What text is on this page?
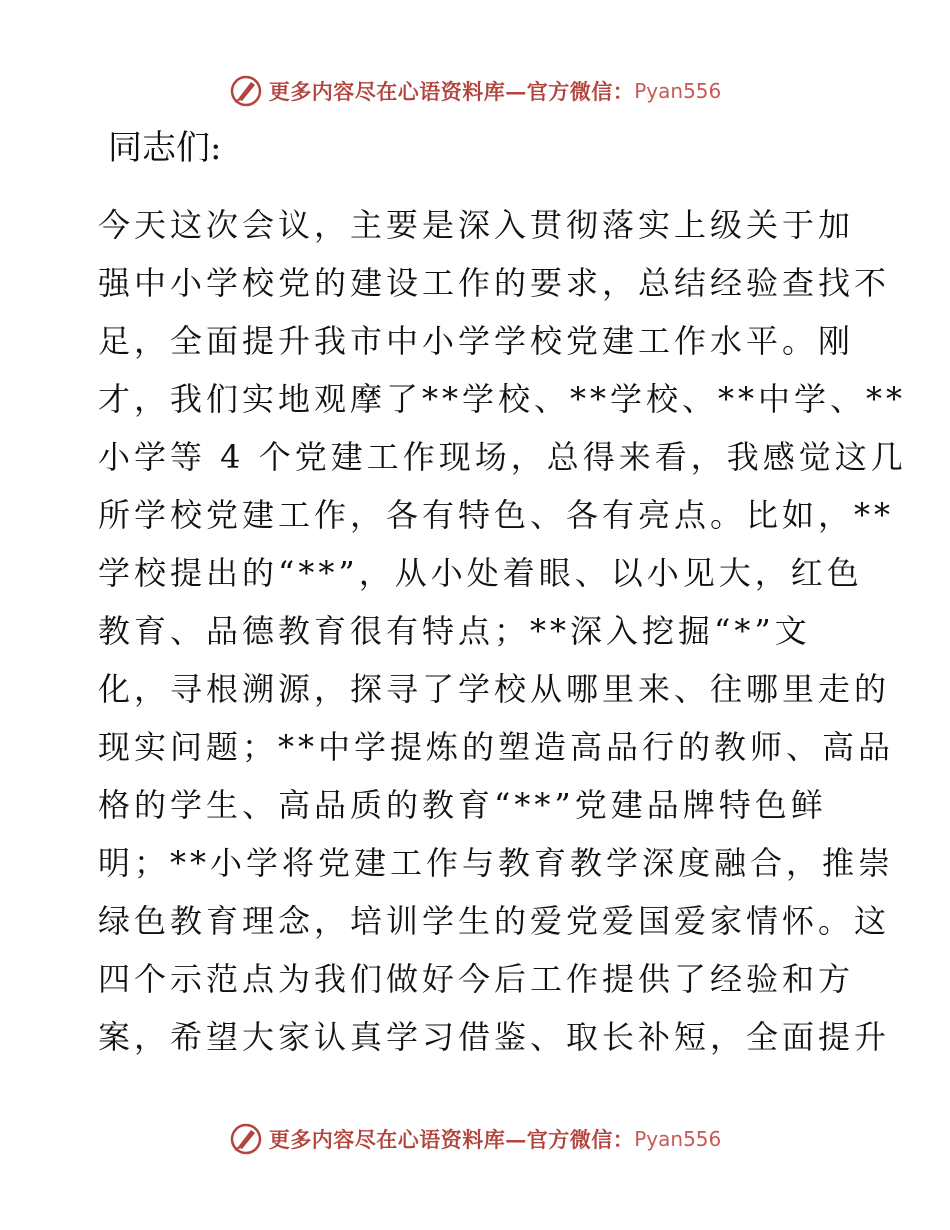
更多内容尽在心语资料库—官方微信： Pyan556
同志们:
今天这次会议，主要是深入贯彻落实上级关于加
强中小学校党的建设工作的要求，总结经验查找不
足，全面提升我市中小学学校党建工作水平。刚
才，我们实地观摩了**学校、**学校、**中学、**
小学等 4 个党建工作现场，总得来看，我感觉这几
所学校党建工作，各有特色、各有亮点。比如，**
学校提出的“**”，从小处着眼、以小见大，红色
教育、品德教育很有特点；**深入挖掘“*”文
化，寻根溯源，探寻了学校从哪里来、往哪里走的
现实问题；**中学提炼的塑造高品行的教师、高品
格的学生、高品质的教育“**”党建品牌特色鲜
明；**小学将党建工作与教育教学深度融合，推崇
绿色教育理念，培训学生的爱党爱国爱家情怀。这
四个示范点为我们做好今后工作提供了经验和方
案，希望大家认真学习借鉴、取长补短，全面提升
更多内容尽在心语资料库—官方微信： Pyan556
